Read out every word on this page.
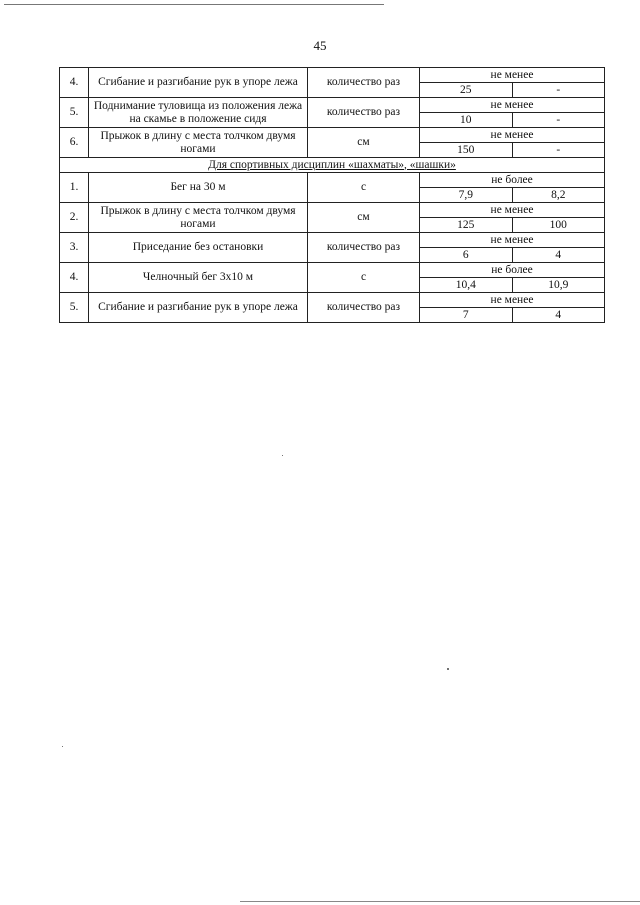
45
4.	Сгибание и разгибание рук в упоре лежа	количество раз	не менее	
			25	-
5.	Поднимание туловища из положения лежа на скамье в положение сидя	количество раз	не менее	
			10	-
6.	Прыжок в длину с места толчком двумя ногами	см	не менее	
			150	-
Для спортивных дисциплин «шахматы», «шашки»				
1.	Бег на 30 м	с	не более	
			7,9	8,2
2.	Прыжок в длину с места толчком двумя ногами	см	не менее	
			125	100
3.	Приседание без остановки	количество раз	не менее	
			6	4
4.	Челночный бег 3x10 м	с	не более	
			10,4	10,9
5.	Сгибание и разгибание рук в упоре лежа	количество раз	не менее	
			7	4
